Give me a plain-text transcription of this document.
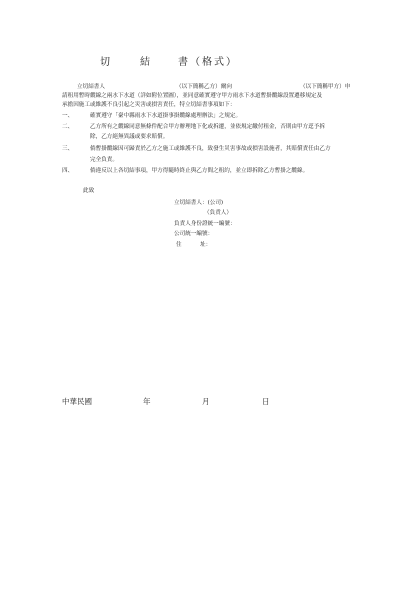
切	結	書 （格式）
立切結書人	（以下簡稱乙方）爾向	（以下簡稱甲方）申
請租用暫時纜線之兩水下水道（詳如附位置圖），並同意確實遵守甲方雨水下水道暫掛纜線設置遷移規定及
承擔因施工或維護不良引起之災害或損害責任，特立切結書事項如下：
一、	確實遵守「臺中縣雨水下水道掛事掛纜線處理辦法」之規定。
二、	乙方所有之纜線同意無條件配合甲方辦理地下化或拆遷，並依規定繳付租金，否則由甲方逕予拆
除，乙方絕無異議或要求賠償。
三、	倘暫掛纜線因可歸責於乙方之施工或維護不良，致發生災害事故或損害設施者，其賠償責任由乙方
完全負責。
四、	倘違反以上各切結事項，甲方得隨時終止與乙方間之租約，並立即拆除乙方暫掛之纜線。
此致
立切結書人：(公司)
（負責人）
負責人身份證統一編號：
公司統一編號：
住	址：
中華民國	年	月	日
